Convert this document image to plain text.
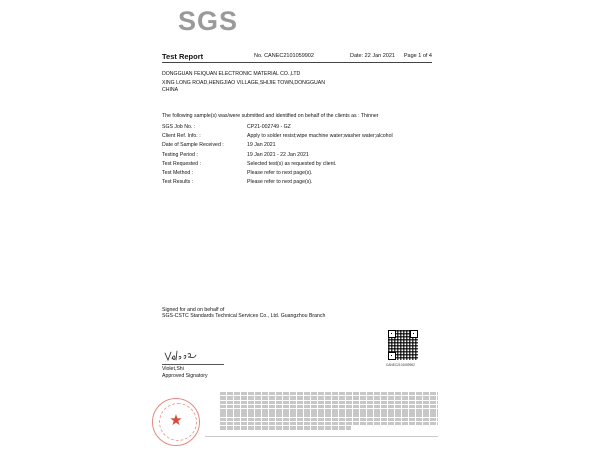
SGS
Test Report	No. CANEC2101059902	Date: 22 Jan 2021 Page 1 of 4
DONGGUAN FEIQUAN ELECTRONIC MATERIAL CO.,LTD
XING LONG ROAD,HENGJIAO VILLAGE,SHIJIE TOWN,DONGGUAN
CHINA
The following sample(s) was/were submitted and identified on behalf of the clients as : Thinner
SGS Job No. :	CP21-002749 - GZ
Client Ref. Info. :	Apply to solder resist;wipe machine water;washer water;alcohol
Date of Sample Received :	19 Jan 2021
Testing Period :	19 Jan 2021 - 22 Jan 2021
Test Requested :	Selected test(s) as requested by client.
Test Method :	Please refer to next page(s).
Test Results :	Please refer to next page(s).
Signed for and on behalf of
SGS-CSTC Standards Technical Services Co., Ltd. Guangzhou Branch
Violet,Shi
Approved Signatory
CANEC2101059902
★
